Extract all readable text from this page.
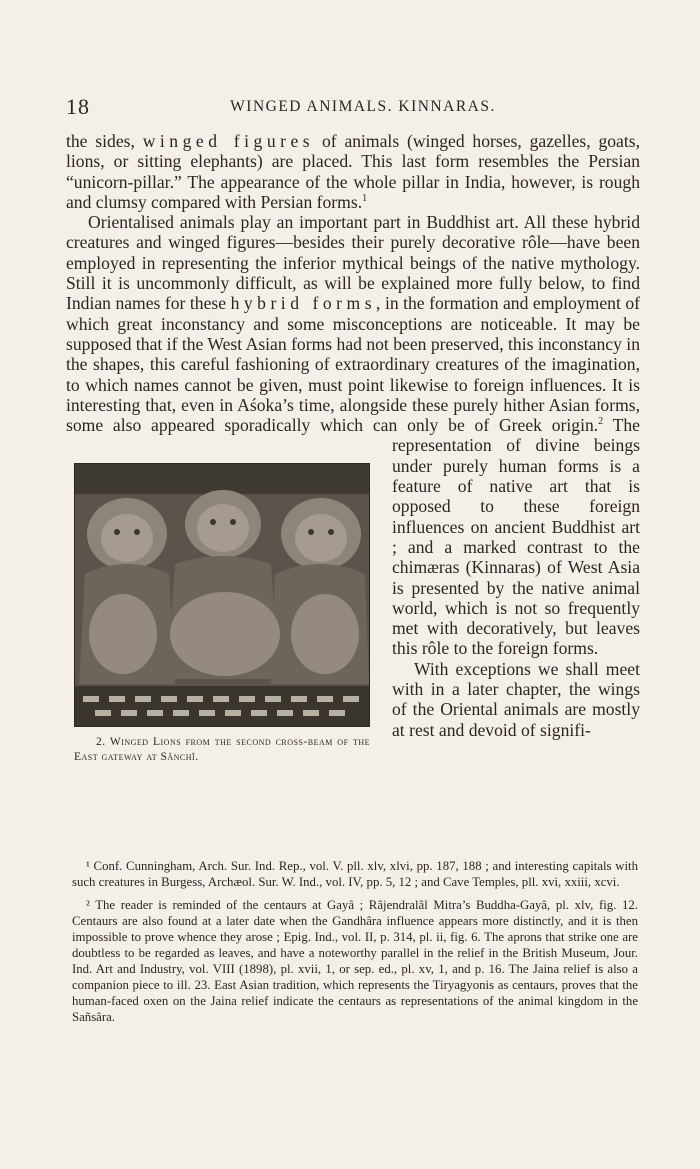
18	WINGED ANIMALS. KINNARAS.

the sides, winged figures of animals (winged horses, gazelles, goats, lions, or sitting elephants) are placed. This last form resembles the Persian “unicorn-pillar.” The appearance of the whole pillar in India, however, is rough and clumsy compared with Persian forms.$^1$

Orientalised animals play an important part in Buddhist art. All these hybrid creatures and winged figures—besides their purely decorative rôle—have been employed in representing the inferior mythical beings of the native mythology. Still it is uncommonly difficult, as will be explained more fully below, to find Indian names for these hybrid forms, in the formation and employment of which great inconstancy and some misconceptions are noticeable. It may be supposed that if the West Asian forms had not been preserved, this inconstancy in the shapes, this careful fashioning of extraordinary creatures of the imagination, to which names cannot be given, must point likewise to foreign influences. It is interesting that, even in Aśoka’s time, alongside these purely hither Asian forms, some also appeared sporadically which can only be of Greek origin.$^2$
2. Winged Lions from the second cross-beam of the East gateway at Sânchî.
The representation of divine beings under purely human forms is a feature of native art that is opposed to these foreign influences on ancient Buddhist art ; and a marked contrast to the chimæras (Kinnaras) of West Asia is presented by the native animal world, which is not so frequently met with decoratively, but leaves this rôle to the foreign forms.

With exceptions we shall meet with in a later chapter, the wings of the Oriental animals are mostly at rest and devoid of signifi-

¹ Conf. Cunningham, Arch. Sur. Ind. Rep., vol. V. pll. xlv, xlvi, pp. 187, 188 ; and interesting capitals with such creatures in Burgess, Archæol. Sur. W. Ind., vol. IV, pp. 5, 12 ; and Cave Temples, pll. xvi, xxiii, xcvi.

² The reader is reminded of the centaurs at Gayâ ; Râjendralâl Mitra’s Buddha-Gayâ, pl. xlv, fig. 12. Centaurs are also found at a later date when the Gandhâra influence appears more distinctly, and it is then impossible to prove whence they arose ; Epig. Ind., vol. II, p. 314, pl. ii, fig. 6. The aprons that strike one are doubtless to be regarded as leaves, and have a noteworthy parallel in the relief in the British Museum, Jour. Ind. Art and Industry, vol. VIII (1898), pl. xvii, 1, or sep. ed., pl. xv, 1, and p. 16. The Jaina relief is also a companion piece to ill. 23. East Asian tradition, which represents the Tiryagyonis as centaurs, proves that the human-faced oxen on the Jaina relief indicate the centaurs as representations of the animal kingdom in the Sañsâra.
